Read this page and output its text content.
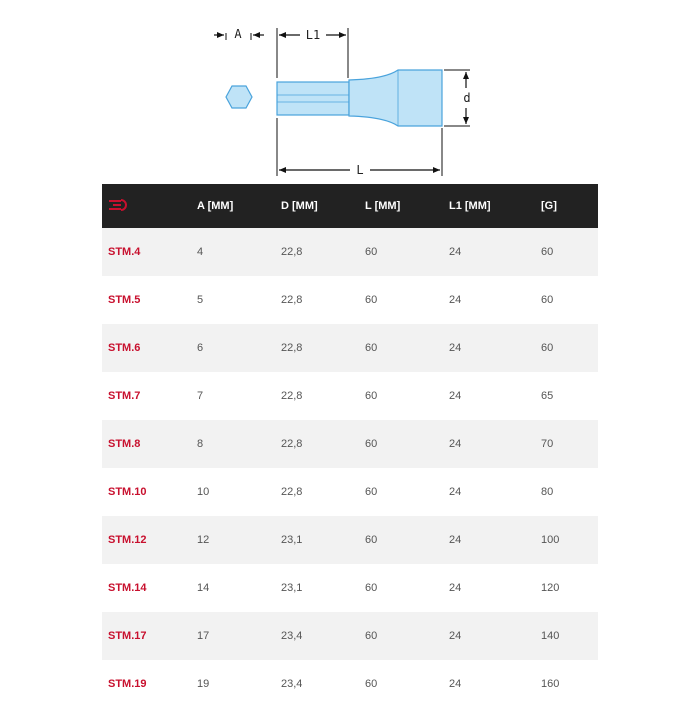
A	L1
d
L
	A [MM]	D [MM]	L [MM]	L1 [MM]	[G]
STM.4	4	22,8	60	24	60
STM.5	5	22,8	60	24	60
STM.6	6	22,8	60	24	60
STM.7	7	22,8	60	24	65
STM.8	8	22,8	60	24	70
STM.10	10	22,8	60	24	80
STM.12	12	23,1	60	24	100
STM.14	14	23,1	60	24	120
STM.17	17	23,4	60	24	140
STM.19	19	23,4	60	24	160
